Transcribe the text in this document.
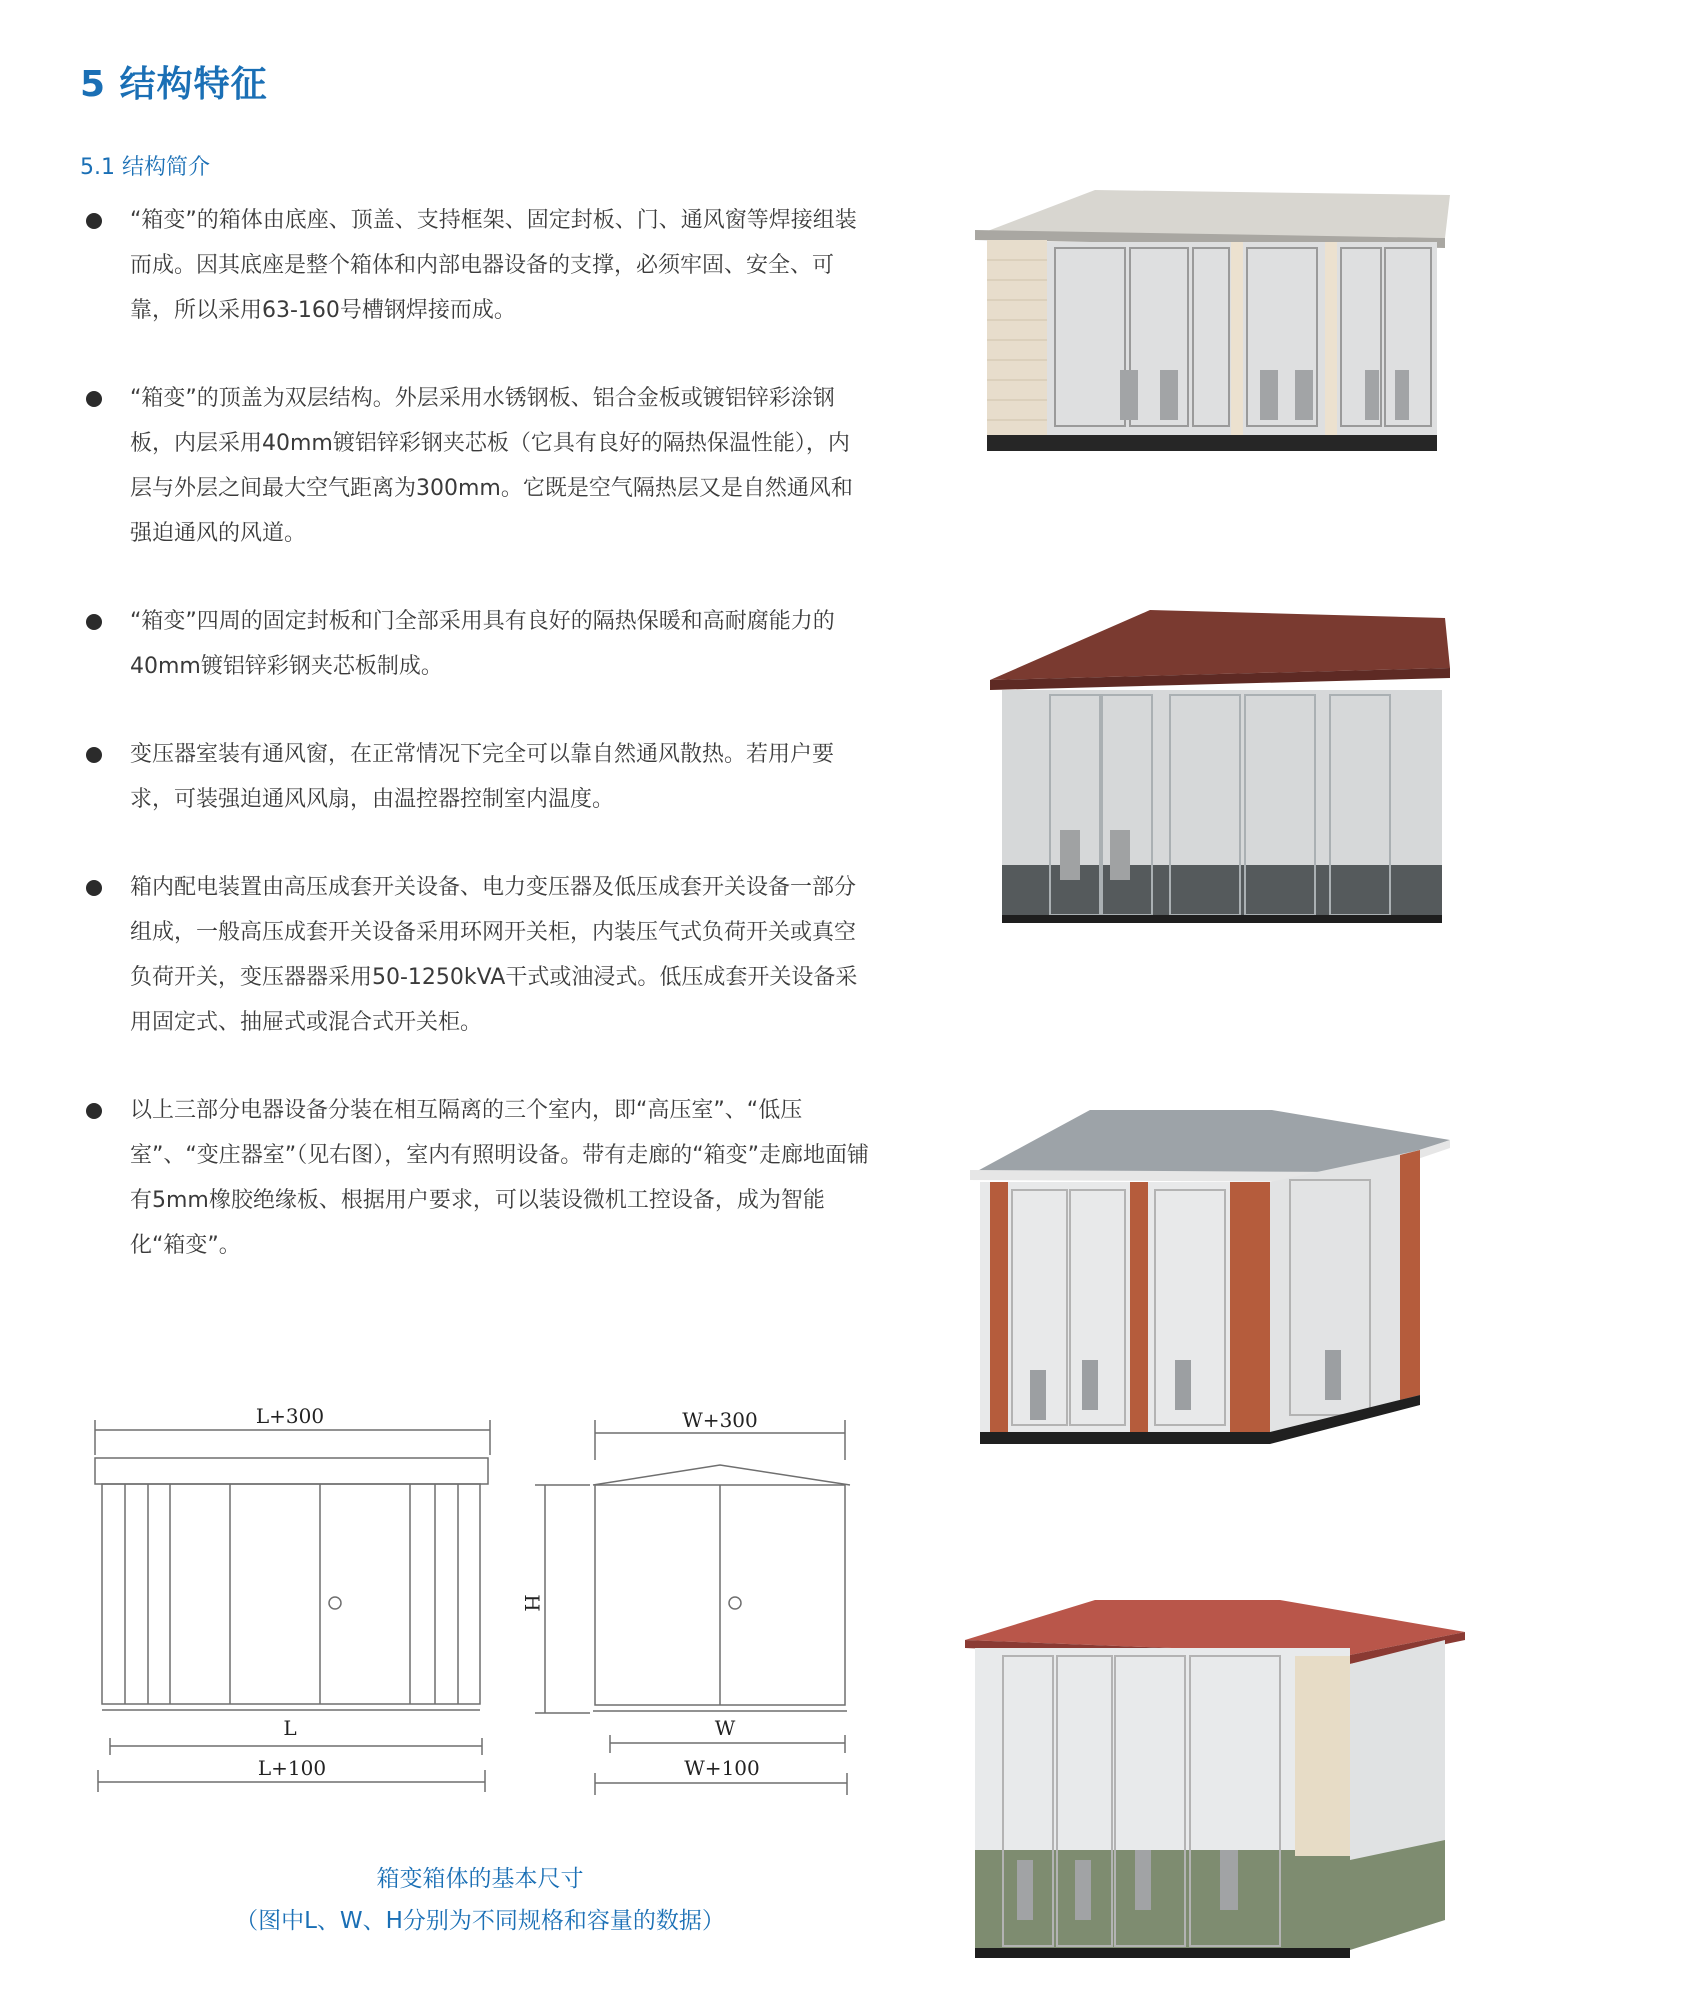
5 结构特征
5.1 结构简介
“箱变”的箱体由底座、顶盖、支持框架、固定封板、门、通风窗等焊接组装而成。因其底座是整个箱体和内部电器设备的支撑，必须牢固、安全、可靠，所以采用63-160号槽钢焊接而成。
“箱变”的顶盖为双层结构。外层采用水锈钢板、铝合金板或镀铝锌彩涂钢板，内层采用40mm镀铝锌彩钢夹芯板（它具有良好的隔热保温性能），内层与外层之间最大空气距离为300mm。它既是空气隔热层又是自然通风和强迫通风的风道。
“箱变”四周的固定封板和门全部采用具有良好的隔热保暖和高耐腐能力的40mm镀铝锌彩钢夹芯板制成。
变压器室装有通风窗，在正常情况下完全可以靠自然通风散热。若用户要求，可装强迫通风风扇，由温控器控制室内温度。
箱内配电装置由高压成套开关设备、电力变压器及低压成套开关设备一部分组成，一般高压成套开关设备采用环网开关柜，内装压气式负荷开关或真空负荷开关，变压器器采用50-1250kVA干式或油浸式。低压成套开关设备采用固定式、抽屉式或混合式开关柜。
以上三部分电器设备分装在相互隔离的三个室内，即“高压室”、“低压室”、“变庄器室”（见右图），室内有照明设备。带有走廊的“箱变”走廊地面铺有5mm橡胶绝缘板、根据用户要求，可以装设微机工控设备，成为智能化“箱变”。
L+300
L
L+100
W+300
W
W+100
H
箱变箱体的基本尺寸
（图中L、W、H分别为不同规格和容量的数据）
